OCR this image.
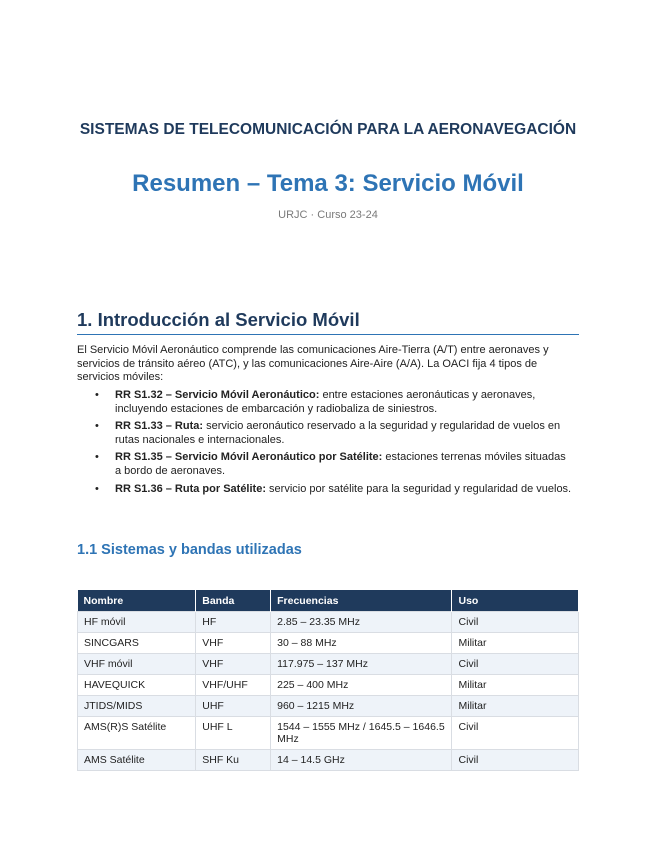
SISTEMAS DE TELECOMUNICACIÓN PARA LA AERONAVEGACIÓN
Resumen – Tema 3: Servicio Móvil
URJC · Curso 23-24
1. Introducción al Servicio Móvil
El Servicio Móvil Aeronáutico comprende las comunicaciones Aire-Tierra (A/T) entre aeronaves y servicios de tránsito aéreo (ATC), y las comunicaciones Aire-Aire (A/A). La OACI fija 4 tipos de servicios móviles:
• RR S1.32 – Servicio Móvil Aeronáutico: entre estaciones aeronáuticas y aeronaves, incluyendo estaciones de embarcación y radiobaliza de siniestros.
• RR S1.33 – Ruta: servicio aeronáutico reservado a la seguridad y regularidad de vuelos en rutas nacionales e internacionales.
• RR S1.35 – Servicio Móvil Aeronáutico por Satélite: estaciones terrenas móviles situadas a bordo de aeronaves.
• RR S1.36 – Ruta por Satélite: servicio por satélite para la seguridad y regularidad de vuelos.
1.1 Sistemas y bandas utilizadas
Nombre	Banda	Frecuencias	Uso
HF móvil	HF	2.85 – 23.35 MHz	Civil
SINCGARS	VHF	30 – 88 MHz	Militar
VHF móvil	VHF	117.975 – 137 MHz	Civil
HAVEQUICK	VHF/UHF	225 – 400 MHz	Militar
JTIDS/MIDS	UHF	960 – 1215 MHz	Militar
AMS(R)S Satélite	UHF L	1544 – 1555 MHz / 1645.5 – 1646.5 MHz	Civil
AMS Satélite	SHF Ku	14 – 14.5 GHz	Civil
